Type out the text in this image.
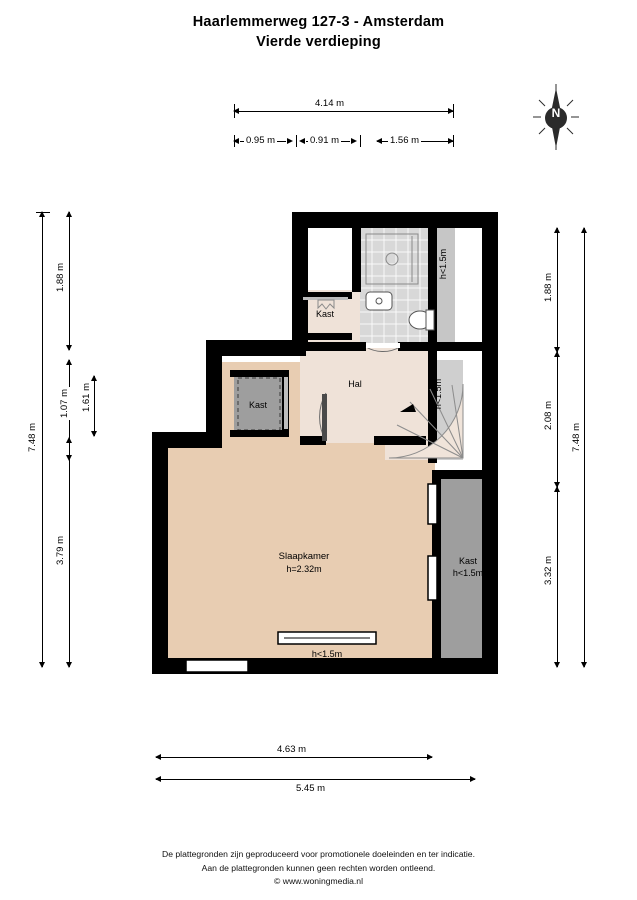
Haarlemmerweg 127-3 - Amsterdam
Vierde verdieping
N
4.14 m
0.95 m	0.91 m	1.56 m
7.48 m
1.88 m
3.79 m
1.07 m 1.61 m
1.88 m
2.08 m
3.32 m
7.48 m
4.63 m
5.45 m
Slaapkamer
h=2.32m
Hal
Kast
Kast
Kast
h<1.5m
h<1.5m
h<1.5m
h<1.5m
De plattegronden zijn geproduceerd voor promotionele doeleinden en ter indicatie.
Aan de plattegronden kunnen geen rechten worden ontleend.
© www.woningmedia.nl
